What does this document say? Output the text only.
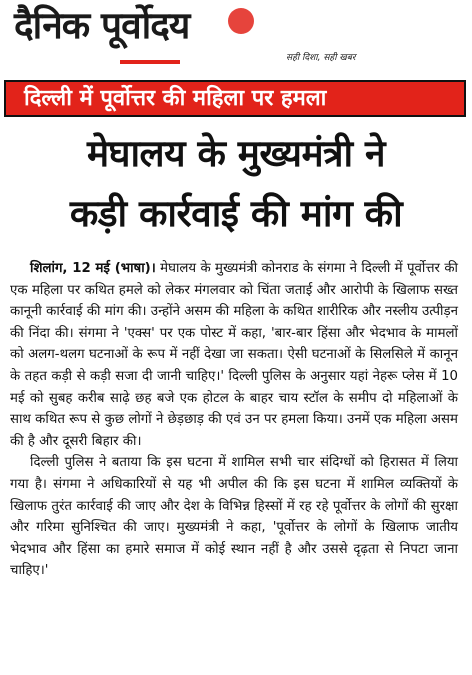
दैनिक पूर्वोदय
सही दिशा, सही खबर
दिल्ली में पूर्वोत्तर की महिला पर हमला
मेघालय के मुख्यमंत्री ने
कड़ी कार्रवाई की मांग की

शिलांग, 12 मई (भाषा)। मेघालय के मुख्यमंत्री कोनराड के संगमा ने दिल्ली में पूर्वोत्तर की एक महिला पर कथित हमले को लेकर मंगलवार को चिंता जताई और आरोपी के खिलाफ सख्त कानूनी कार्रवाई की मांग की। उन्होंने असम की महिला के कथित शारीरिक और नस्लीय उत्पीड़न की निंदा की। संगमा ने 'एक्स' पर एक पोस्ट में कहा, 'बार-बार हिंसा और भेदभाव के मामलों को अलग-थलग घटनाओं के रूप में नहीं देखा जा सकता। ऐसी घटनाओं के सिलसिले में कानून के तहत कड़ी से कड़ी सजा दी जानी चाहिए।' दिल्ली पुलिस के अनुसार यहां नेहरू प्लेस में 10 मई को सुबह करीब साढ़े छह बजे एक होटल के बाहर चाय स्टॉल के समीप दो महिलाओं के साथ कथित रूप से कुछ लोगों ने छेड़छाड़ की एवं उन पर हमला किया। उनमें एक महिला असम की है और दूसरी बिहार की।

दिल्ली पुलिस ने बताया कि इस घटना में शामिल सभी चार संदिग्धों को हिरासत में लिया गया है। संगमा ने अधिकारियों से यह भी अपील की कि इस घटना में शामिल व्यक्तियों के खिलाफ तुरंत कार्रवाई की जाए और देश के विभिन्न हिस्सों में रह रहे पूर्वोत्तर के लोगों की सुरक्षा और गरिमा सुनिश्चित की जाए। मुख्यमंत्री ने कहा, 'पूर्वोत्तर के लोगों के खिलाफ जातीय भेदभाव और हिंसा का हमारे समाज में कोई स्थान नहीं है और उससे दृढ़ता से निपटा जाना चाहिए।'
